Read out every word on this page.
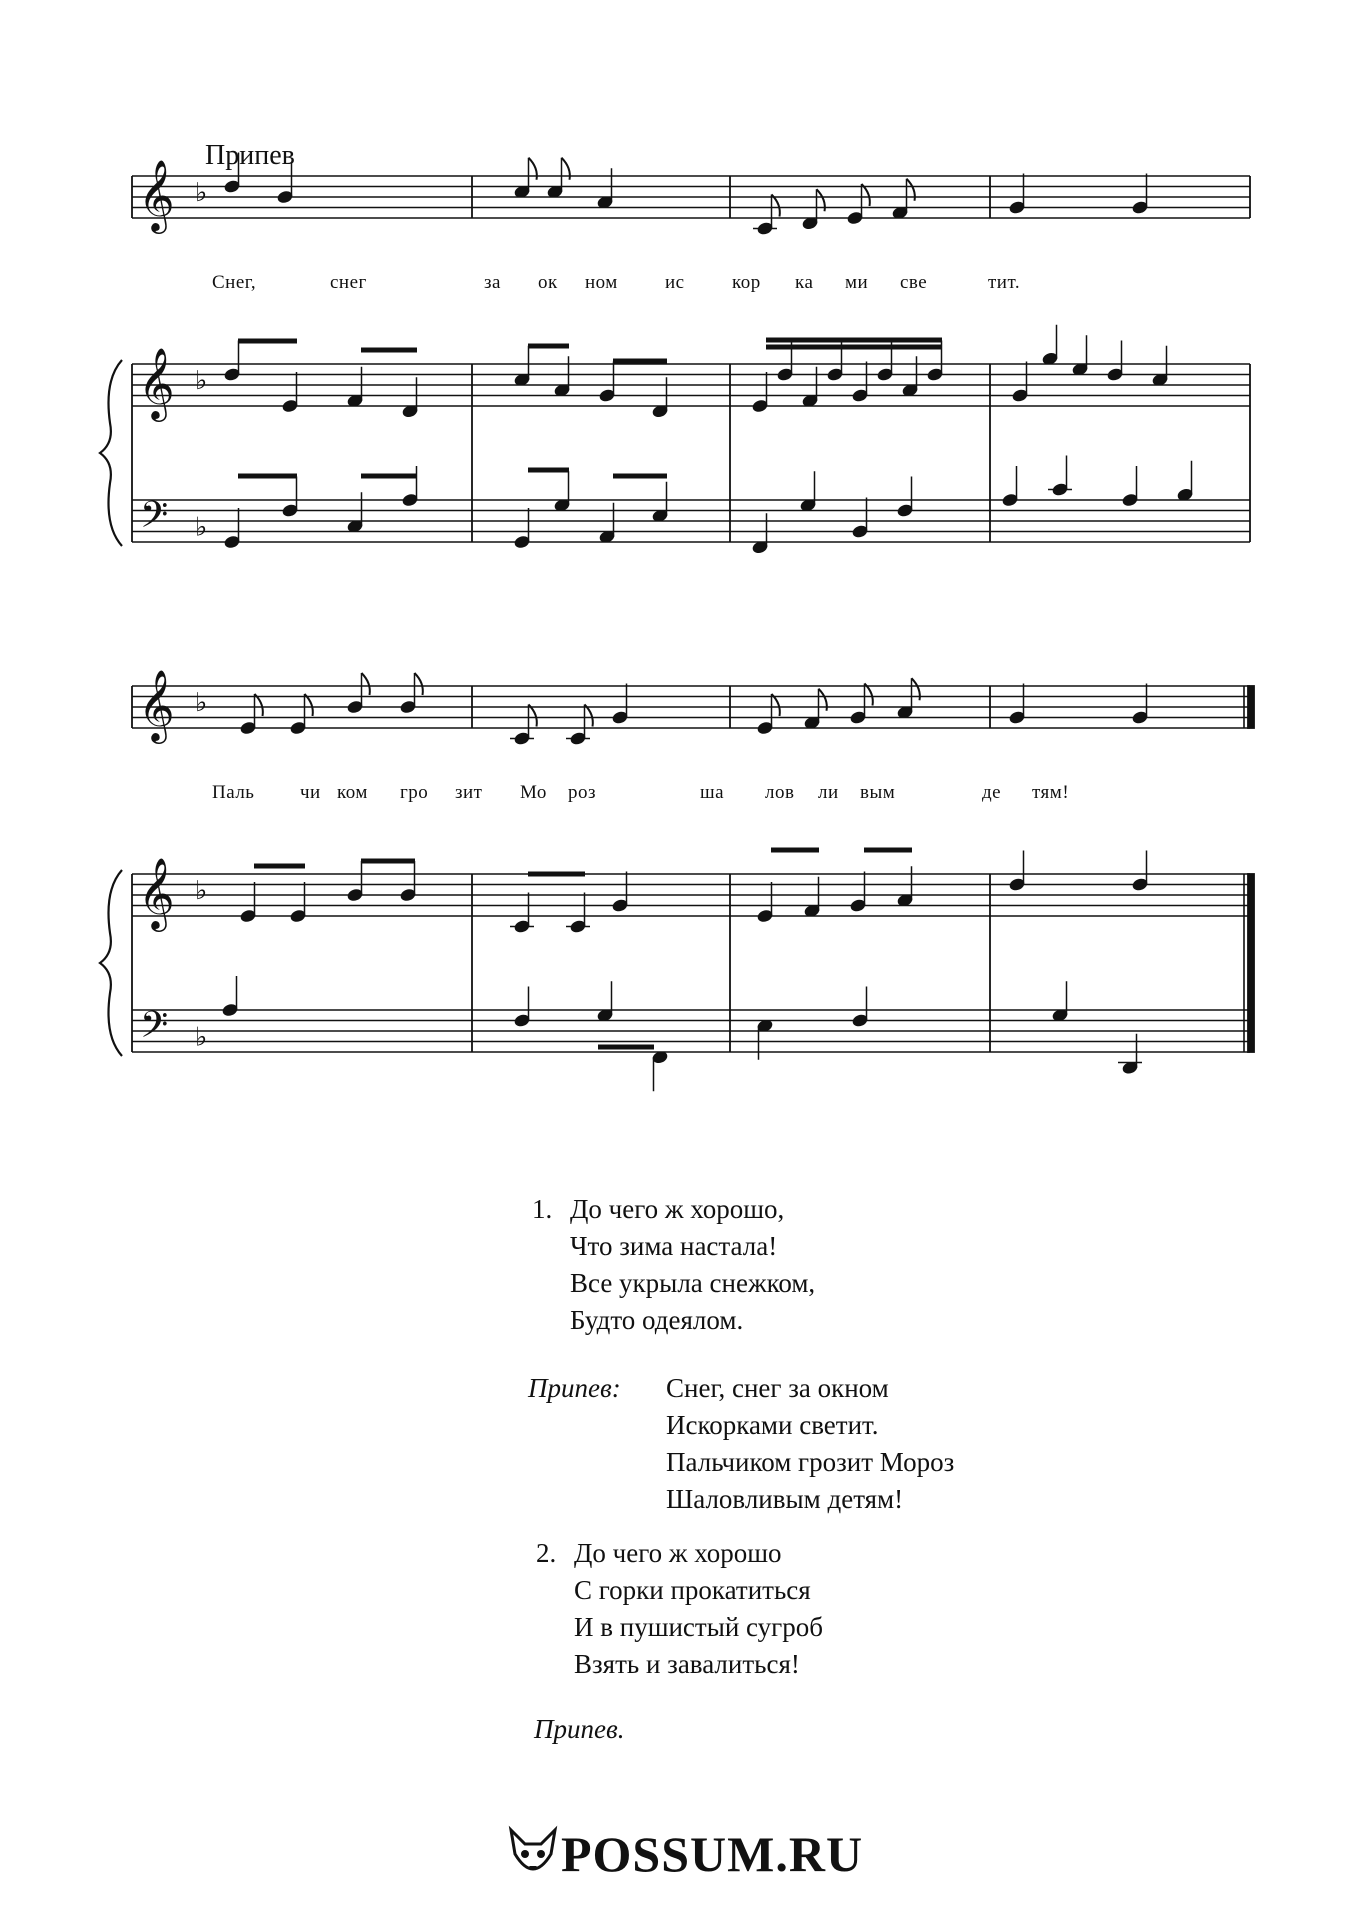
Припев
𝄞 ♭
𝄞 ♭
𝄢 ♭
𝄞 ♭
𝄞 ♭
𝄢 ♭
Снег,	снег	за ок ном ис кор ка ми све	тит.
Паль чи ком гро зит Мо роз	ша лов ли вым	де тям!
1. До чего ж хорошо,
Что зима настала!
Все укрыла снежком,
Будто одеялом.
Припев: Снег, снег за окном
Искорками светит.
Пальчиком грозит Мороз
Шаловливым детям!
2. До чего ж хорошо
С горки прокатиться
И в пушистый сугроб
Взять и завалиться!
Припев.
POSSUM.RU
